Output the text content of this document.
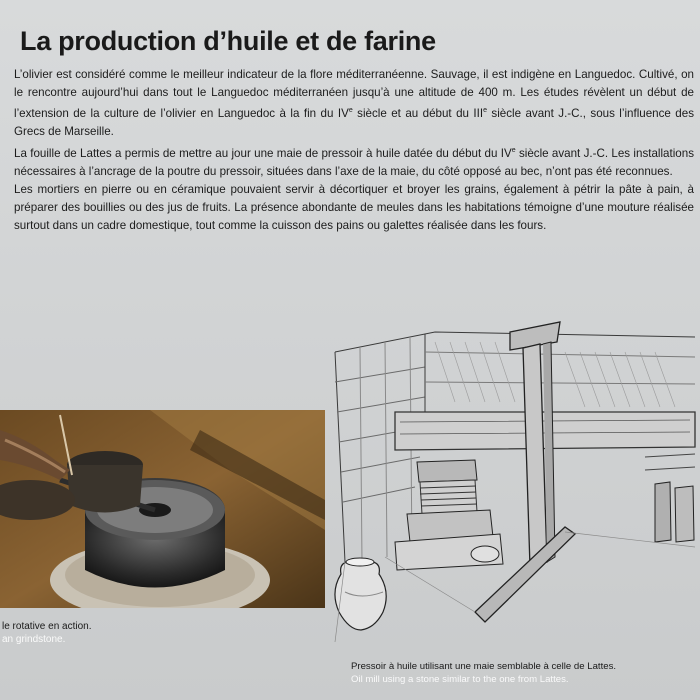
La production d’huile et de farine

L’olivier est considéré comme le meilleur indicateur de la flore méditerranéenne. Sauvage, il est indigène en Languedoc. Cultivé, on le rencontre aujourd’hui dans tout le Languedoc méditerranéen jusqu’à une altitude de 400 m. Les études révèlent un début de l’extension de la culture de l’olivier en Languedoc à la fin du IVe siècle et au début du IIIe siècle avant J.-C., sous l’influence des Grecs de Marseille.

La fouille de Lattes a permis de mettre au jour une maie de pressoir à huile datée du début du IVe siècle avant J.-C. Les installations nécessaires à l’ancrage de la poutre du pressoir, situées dans l’axe de la maie, du côté opposé au bec, n’ont pas été reconnues.

Les mortiers en pierre ou en céramique pouvaient servir à décortiquer et broyer les grains, également à pétrir la pâte à pain, à préparer des bouillies ou des jus de fruits. La présence abondante de meules dans les habitations témoigne d’une mouture réalisée surtout dans un cadre domestique, tout comme la cuisson des pains ou galettes réalisée dans les fours.

le rotative en action.
an grindstone.
Pressoir à huile utilisant une maie semblable à celle de Lattes.
Oil mill using a stone similar to the one from Lattes.
